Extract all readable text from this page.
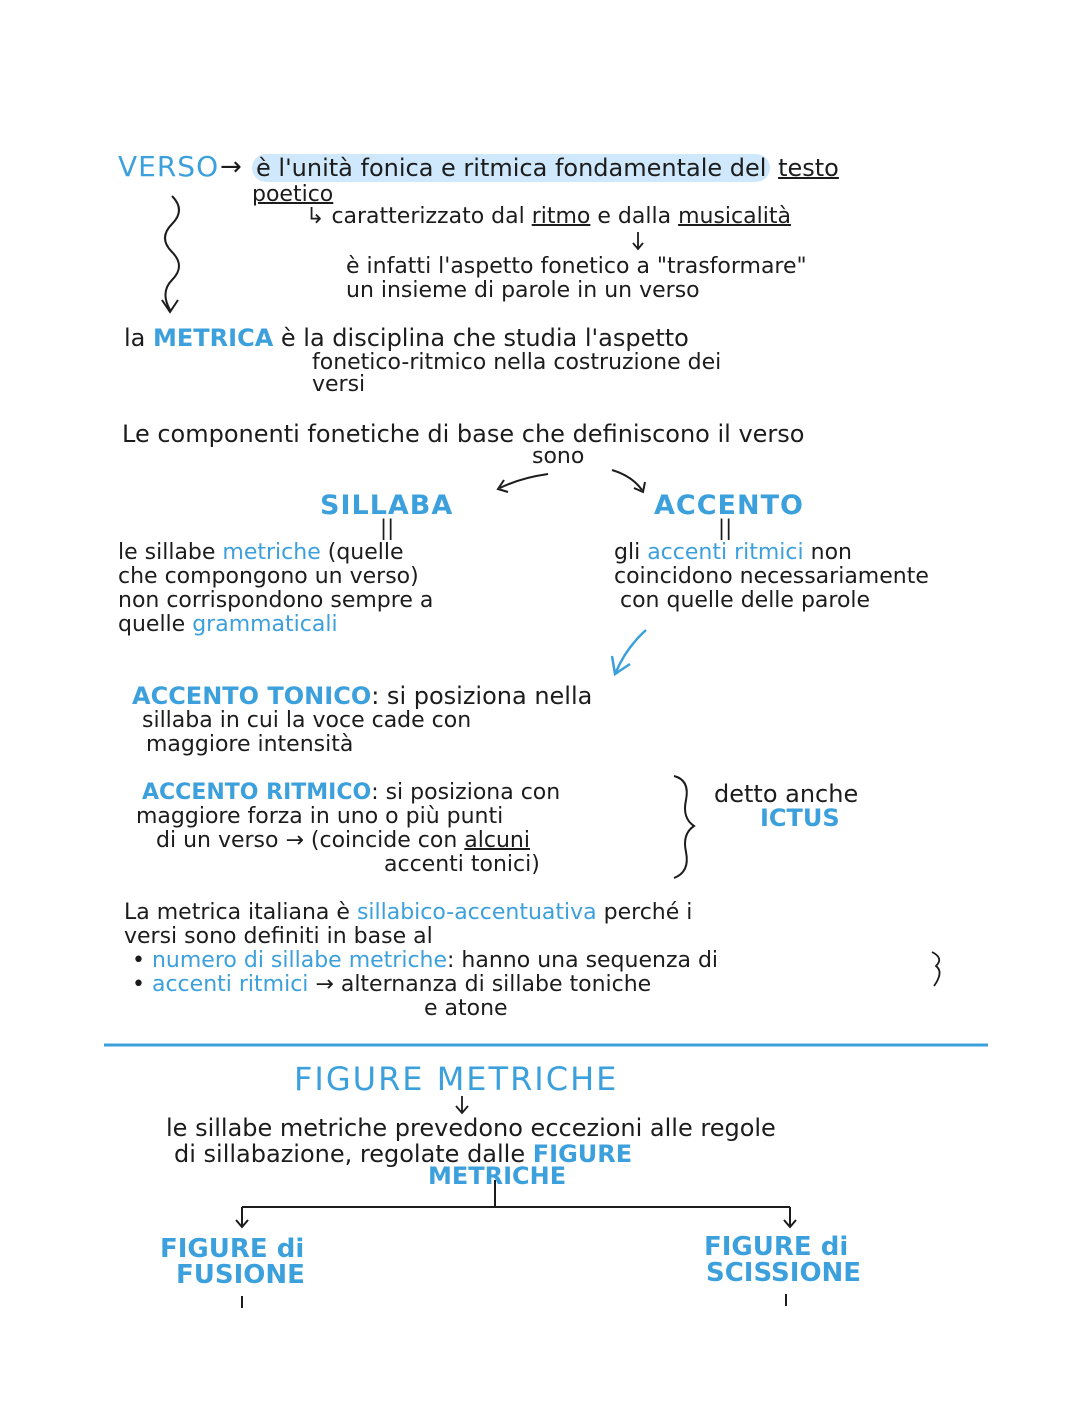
VERSO → è l'unità fonica e ritmica fondamentale del testo
poetico
↳ caratterizzato dal ritmo e dalla musicalità
è infatti l'aspetto fonetico a "trasformare"
un insieme di parole in un verso
la METRICA è la disciplina che studia l'aspetto
fonetico-ritmico nella costruzione dei
versi
Le componenti fonetiche di base che definiscono il verso
sono
SILLABA
||
le sillabe metriche (quelle
che compongono un verso)
non corrispondono sempre a
quelle grammaticali
ACCENTO
||
gli accenti ritmici non
coincidono necessariamente
con quelle delle parole
ACCENTO TONICO: si posiziona nella
sillaba in cui la voce cade con
maggiore intensità
ACCENTO RITMICO: si posiziona con
maggiore forza in uno o più punti
di un verso → (coincide con alcuni
accenti tonici)
detto anche
ICTUS
La metrica italiana è sillabico-accentuativa perché i
versi sono definiti in base al
• numero di sillabe metriche: hanno una sequenza di
• accenti ritmici → alternanza di sillabe toniche
e atone
FIGURE METRICHE
le sillabe metriche prevedono eccezioni alle regole
di sillabazione, regolate dalle FIGURE
METRICHE
FIGURE di
FUSIONE
FIGURE di
SCISSIONE
